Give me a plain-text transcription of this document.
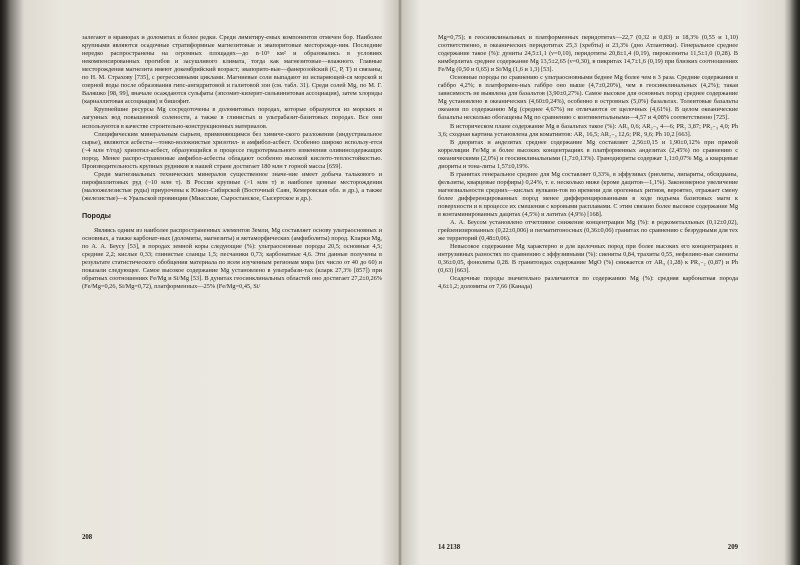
залегают в мраморах и доломитах и более редки. Среди лимитиру-емых компонентов отмечен бор. Наиболее крупными являются осадочные стратиформные магнезитовые и эвапоритовые месторожде-ния. Последние нередко распространены на огромных площадях—до n·10⁵ км² и образовались в условиях некомпенсированных прогибов и засушливого климата, тогда как магнезитовые—влажного. Главные месторождения магнезита имеют докембрийский возраст; эвапорито-вые—фанерозойский (С, Р, Т) и связаны, по Н. М. Страхову [735], с регрессивными циклами. Магниевые соли выпадают из испаряющей-ся морской и озерной воды после образования гипс-ангидритовой и галитовой зон (см. табл. 31). Среди солей Mg, по М. Г. Валяшко [98, 99], вначале осаждаются сульфаты (эпсомит-кизерит-сильвинитовая ассоциация), затем хлориды (карналлитовая ассоциация) и бишофит.

Крупнейшие ресурсы Mg сосредоточены в доломитовых породах, которые образуются из морских и лагунных вод повышенной солености, а также в глинистых и ультрабазит-базитовых породах. Все они используются в качестве строительно-конструкционных материалов.

Специфическим минеральным сырьем, применяющимся без химиче-ского разложения (индустриальное сырье), являются асбесты—тонко-волокнистые хризотил- и амфибол-асбест. Особенно широко использу-ется (~4 млн т/год) хризотил-асбест, образующийся в процессе гидротермального изменения оливинсодержащих пород. Менее распро-страненные амфибол-асбесты обладают особенно высокой кислото-теплостойкостью. Производительность крупных рудников в нашей стране достигает 180 млн т горной массы [659].

Среди магнезиальных технических минералов существенное значе-ние имеет добыча талькового и пирофиллитовых руд (~10 млн т). В России крупные (>1 млн т) и наиболее ценные месторождения (малоожелезистые руды) приурочены к Южно-Сибирской (Восточный Саян, Кемеровская обл. и др.), а также (железистые)—к Уральской провинции (Миасские, Сыростанское, Сысертское и др.).

Породы

Являясь одним из наиболее распространенных элементов Земли, Mg составляет основу ультраосновных и основных, а также карбонат-ных (доломиты, магнезиты) и метаморфических (амфиболиты) пород. Кларки Mg, по А. А. Беусу [53], в породах земной коры следующие (%): ультраосновные породы 20,5; основные 4,5; средние 2,2; кислые 0,33; глинистые сланцы 1,5; песчаники 0,73; карбонатные 4,6. Эти данные получены в результате статистического обобщения материала по всем изученным регионам мира (их число от 40 до 60) и показали следующее. Самое высокое содержание Mg установлено в ультрабази-тах (кларк 27,3% [857]) при обратных соотношениях Fe/Mg и Si/Mg [53]. В дунитах геосинклинальных областей оно достигает 27,2±0,26% (Fe/Mg=0,26, Si/Mg=0,72), платформенных—25% (Fe/Mg=0,45, Si/

208

Mg=0,75); в геосинклинальных и платформенных перидотитах—22,7 (0,32 и 0,83) и 18,3% (0,55 и 1,10) соответственно, в океанических перидотитах 25,3 (хребты) и 23,3% (дно Атлантики). Генеральное среднее содержание такое (%): дуниты 24,5±1,1 (ν=0,10), перидотиты 20,8±1,4 (0,19), пироксениты 11,5±1,0 (0,28). В кимберлитах среднее содержание Mg 13,5±2,65 (ν=0,30), в пикритах 14,7±1,6 (0,19) при близких соотношениях Fe/Mg (0,50 и 0,65) и Si/Mg (1,6 и 1,3) [53].

Основные породы по сравнению с ультраосновными беднее Mg более чем в 3 раза. Средние содержания в габбро 4,2%; в платформен-ных габбро оно выше (4,7±0,20%), чем в геосинклинальных (4,2%); такая зависимость не выявлена для базальтов (3,90±0,27%). Самое высокое для основных пород среднее содержание Mg установлено в океанических (4,60±0,24%), особенно в островных (5,0%) базальтах. Толеитовые базальты океанов по содержанию Mg (среднее 4,67%) не отличаются от щелочных (4,61%). В целом океанические базальты несколько обогащены Mg по сравнению с континентальными—4,57 и 4,08% соответственно [725].

В историческом плане содержание Mg в базальтах такое (%): AR₃ 0,6; AR₂₋₃ 4—6; PR₁ 3,87; PR₂₋₃ 4,0; Ph 3,6; сходная картина установлена для коматиитов: AR₁ 16,5; AR₂₋₃ 12,6; PR₁ 9,6; Ph 10,2 [663].

В диоритах и андезитах среднее содержание Mg составляет 2,56±0,15 и 1,90±0,12% при прямой корреляции Fe/Mg и более высоких концентрациях в платформенных андезитах (2,45%) по сравнению с океаническими (2,0%) и геосинклинальными (1,7±0,13%). Гранодиориты содержат 1,1±0,07% Mg, а кварцевые диориты и тона-литы 1,57±0,19%.

В гранитах генеральное среднее для Mg составляет 0,33%, в эффузивах (риолиты, липариты, обсидианы, фельзиты, кварцевые порфиры) 0,24%, т. е. несколько ниже (кроме дацитов—1,1%). Закономерное увеличение магнезиальности средних—кислых вулкани-тов во времени для орогенных ритмов, вероятно, отражает смену более дифференцированных пород менее дифференцированными в ходе подъема базитовых магм к поверхности и в процессе их смешения с коровыми расплавами. С этим связано более высокое содержание Mg в контаминированных дацитах (4,5%) и латитах (4,9%) [168].

А. А. Беусом установлено отчетливое снижение концентрации Mg (%): в редкометалльных (0,12±0,02), грейзенизированных (0,22±0,006) и пегматитоносных (0,36±0,06) гранитах по сравнению с безрудными для тех же территорий (0,48±0,06).

Невысокое содержание Mg характерно и для щелочных пород при более высоких его концентрациях в интрузивных разностях по сравнению с эффузивными (%): сиениты 0,84, трахиты 0,55, нефелино-вые сиениты 0,36±0,05, фонолиты 0,28. В гранитоидах содержание MgO (%) снижается от AR₃ (1,28) к PR₁₋₂ (0,87) и Ph (0,63) [663].

Осадочные породы значительно различаются по содержанию Mg (%): средняя карбонатная порода 4,6±1,2; доломиты от 7,66 (Канада)

14 2138	209
